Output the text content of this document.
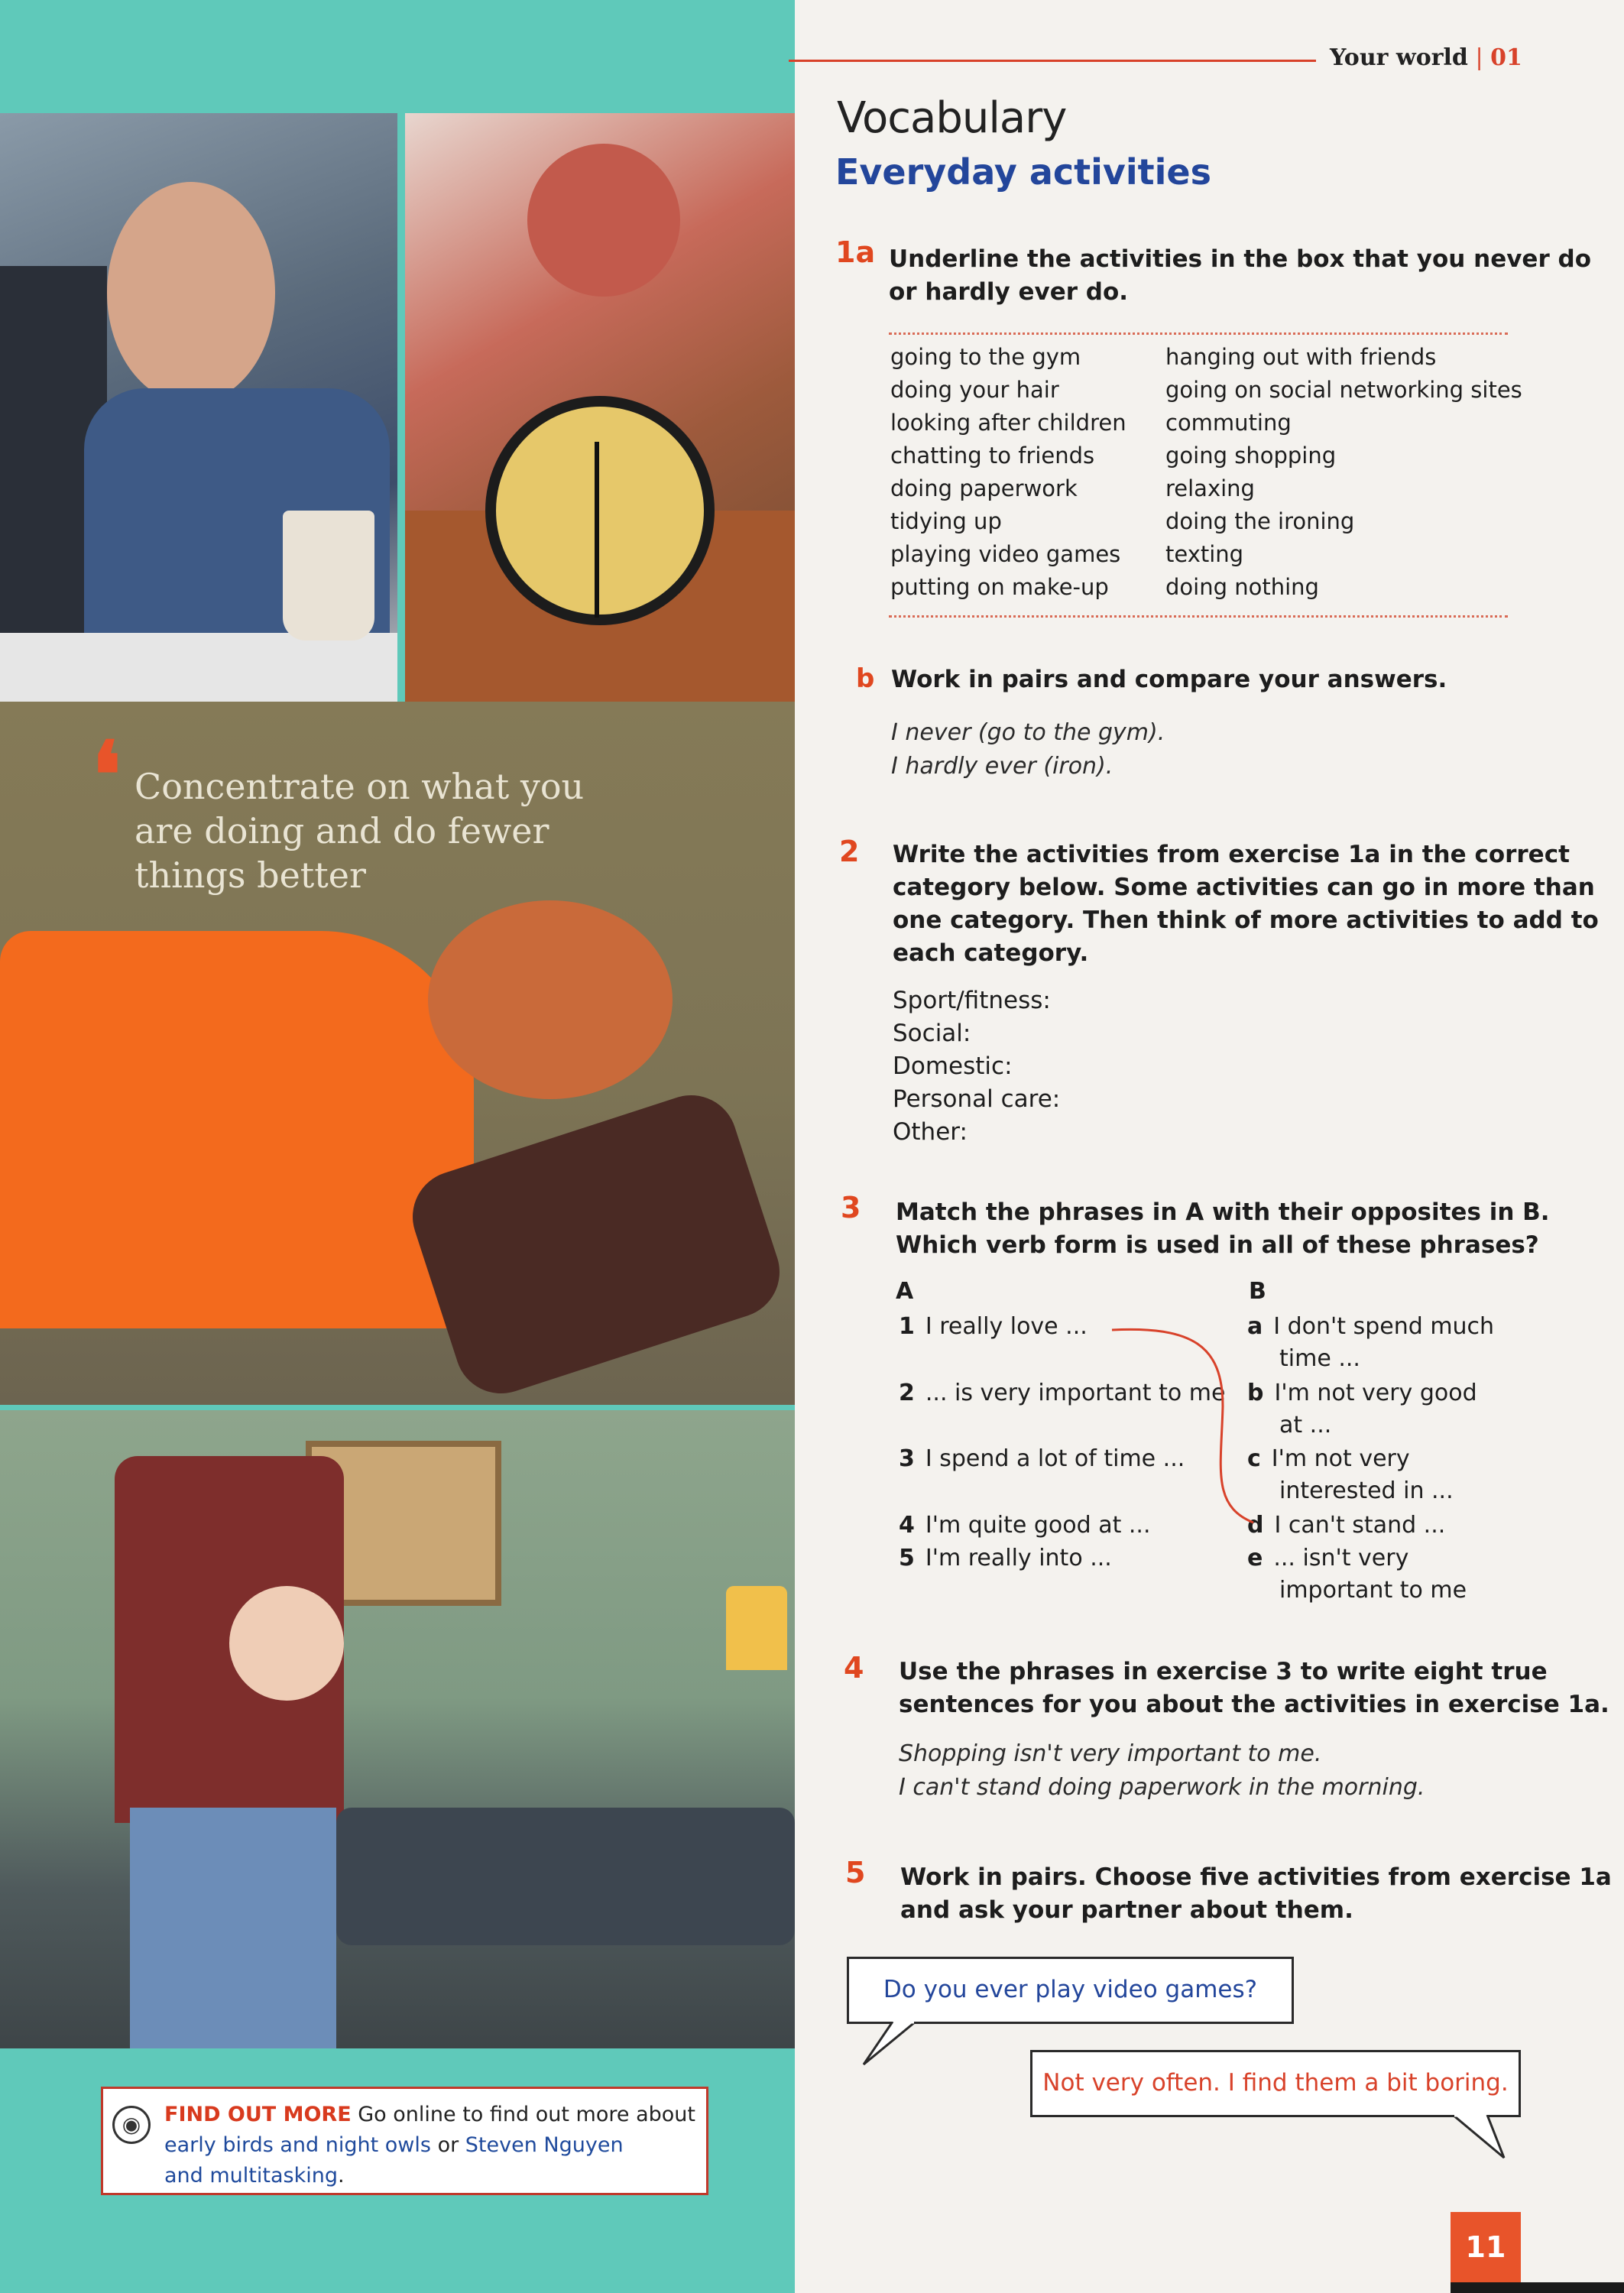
❛ Concentrate on what you are doing and do fewer things better
◉	FIND OUT MORE Go online to find out more about
early birds and night owls or Steven Nguyen
and multitasking.
Your world | 01
Vocabulary
Everyday activities
1a Underline the activities in the box that you never do
or hardly ever do.
going to the gym
doing your hair
looking after children
chatting to friends
doing paperwork
tidying up
playing video games
putting on make-up
hanging out with friends
going on social networking sites
commuting
going shopping
relaxing
doing the ironing
texting
doing nothing
b Work in pairs and compare your answers.
I never (go to the gym).
I hardly ever (iron).
2 Write the activities from exercise 1a in the correct
category below. Some activities can go in more than
one category. Then think of more activities to add to
each category.
Sport/fitness:
Social:
Domestic:
Personal care:
Other:
3 Match the phrases in A with their opposites in B.
Which verb form is used in all of these phrases?
A	B
1 I really love ...
2 ... is very important to me
3 I spend a lot of time ...
4 I'm quite good at ...
5 I'm really into ...
a I don't spend much
time ...
b I'm not very good
at ...
c I'm not very
interested in ...
d I can't stand ...
e ... isn't very
important to me
4 Use the phrases in exercise 3 to write eight true
sentences for you about the activities in exercise 1a.
Shopping isn't very important to me.
I can't stand doing paperwork in the morning.
5 Work in pairs. Choose five activities from exercise 1a
and ask your partner about them.
Do you ever play video games?
Not very often. I find them a bit boring.
11
